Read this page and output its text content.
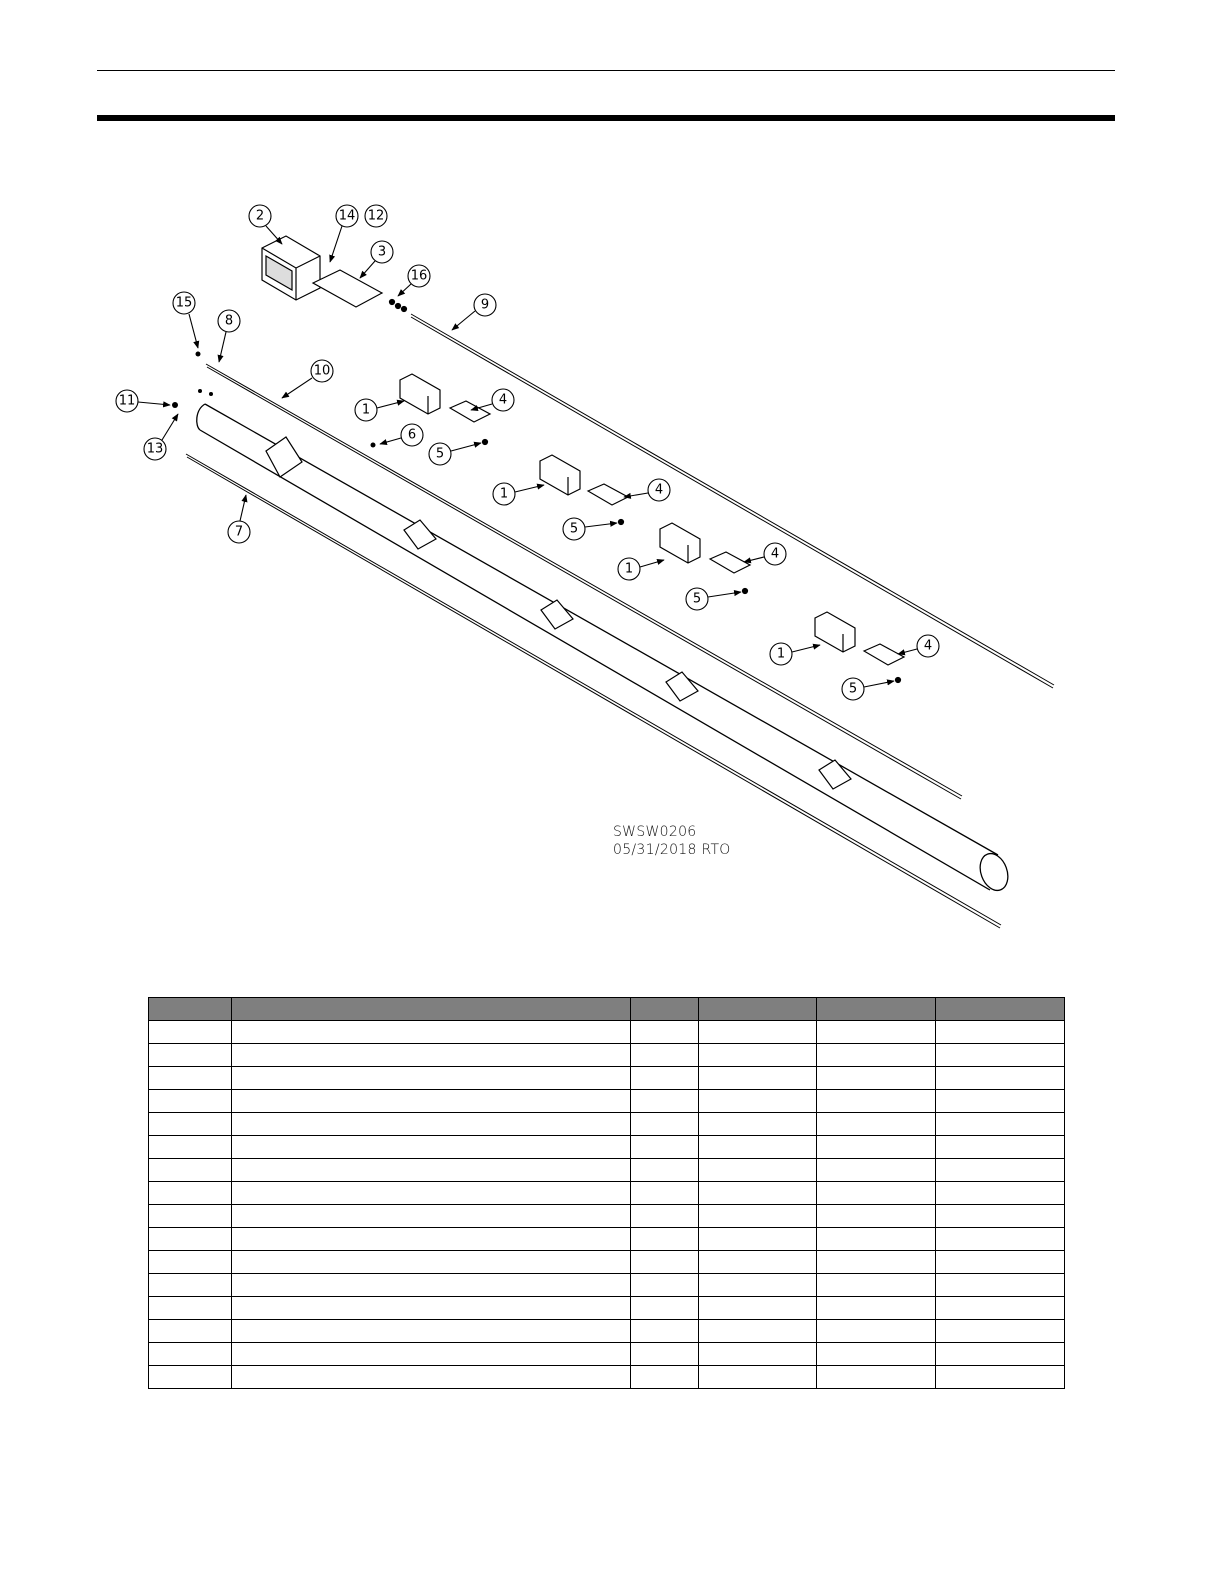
2	14 12
3
16
9
15
8
10
11
13
7
1
4
6
5
1	4
5
1
4
5
1
4
5
SWSW0206
05/31/2018 RTO
